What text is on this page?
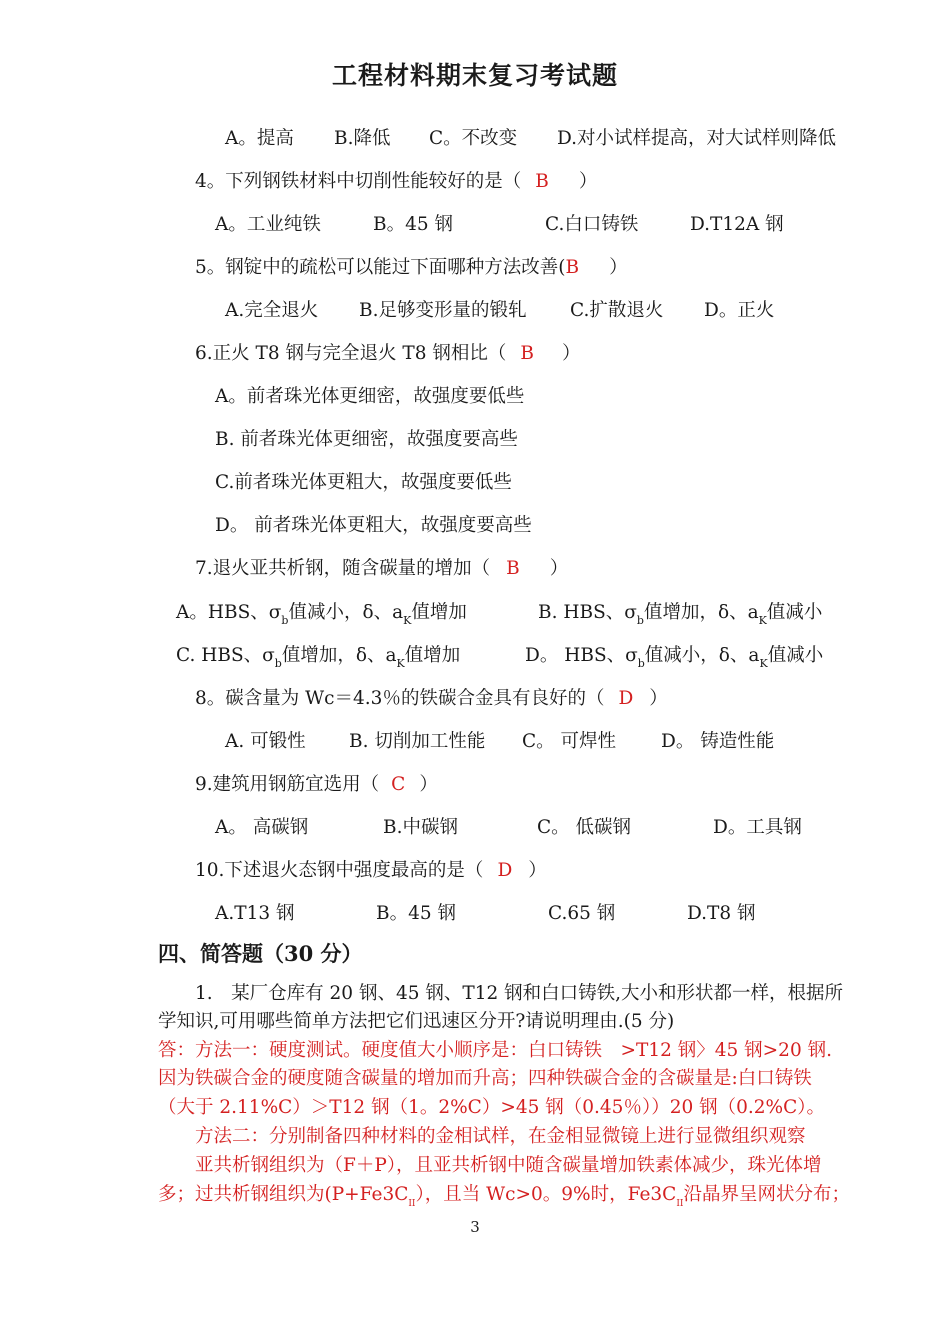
工程材料期末复习考试题
A。提高 B.降低 C。不改变 D.对小试样提高，对大试样则降低
4。下列钢铁材料中切削性能较好的是（ B ）
A。工业纯铁	B。45 钢	C.白口铸铁	D.T12A 钢
5。钢锭中的疏松可以能过下面哪种方法改善(B ）
A.完全退火 B.足够变形量的锻轧 C.扩散退火 D。正火
6.正火 T8 钢与完全退火 T8 钢相比（ B ）
A。前者珠光体更细密，故强度要低些
B. 前者珠光体更细密，故强度要高些
C.前者珠光体更粗大，故强度要低些
D。 前者珠光体更粗大，故强度要高些
7.退火亚共析钢，随含碳量的增加（ B ）
A。HBS、$\sigma_b$值减小，δ、$a_K$值增加	B. HBS、$\sigma_b$值增加，δ、$a_K$值减小
C. HBS、$\sigma_b$值增加，δ、$a_K$值增加	D。 HBS、$\sigma_b$值减小，δ、$a_K$值减小
8。碳含量为 Wc＝4.3％的铁碳合金具有良好的（ D ）
A. 可锻性 B. 切削加工性能 C。 可焊性 D。 铸造性能
9.建筑用钢筋宜选用（ C ）
A。 高碳钢	B.中碳钢	C。 低碳钢	D。工具钢
10.下述退火态钢中强度最高的是（ D ）
A.T13 钢	B。45 钢	C.65 钢	D.T8 钢
四、简答题（30 分）
1.　某厂仓库有 20 钢、45 钢、T12 钢和白口铸铁,大小和形状都一样，根据所
学知识,可用哪些简单方法把它们迅速区分开?请说明理由.(5 分)
答：方法一：硬度测试。硬度值大小顺序是：白口铸铁　>T12 钢〉45 钢>20 钢.
因为铁碳合金的硬度随含碳量的增加而升高；四种铁碳合金的含碳量是:白口铸铁
（大于 2.11%C）＞T12 钢（1。2%C）>45 钢（0.45％））20 钢（0.2%C）。
方法二：分别制备四种材料的金相试样，在金相显微镜上进行显微组织观察
亚共析钢组织为（F＋P），且亚共析钢中随含碳量增加铁素体减少，珠光体增
多；过共析钢组织为$(P+Fe3C_{II})$，且当 Wc>0。9%时，$Fe3C_{II}$沿晶界呈网状分布；
3
